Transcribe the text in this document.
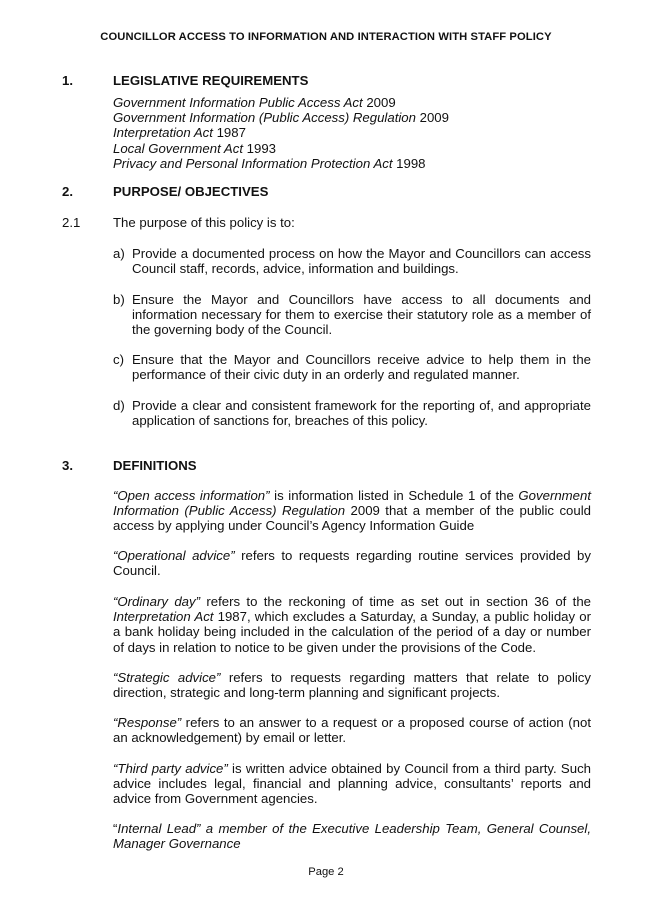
COUNCILLOR ACCESS TO INFORMATION AND INTERACTION WITH STAFF POLICY
1.	LEGISLATIVE REQUIREMENTS
Government Information Public Access Act 2009
Government Information (Public Access) Regulation 2009
Interpretation Act 1987
Local Government Act 1993
Privacy and Personal Information Protection Act 1998
2.	PURPOSE/ OBJECTIVES
2.1 The purpose of this policy is to:
a) Provide a documented process on how the Mayor and Councillors can access Council staff, records, advice, information and buildings.
b) Ensure the Mayor and Councillors have access to all documents and information necessary for them to exercise their statutory role as a member of the governing body of the Council.
c) Ensure that the Mayor and Councillors receive advice to help them in the performance of their civic duty in an orderly and regulated manner.
d) Provide a clear and consistent framework for the reporting of, and appropriate application of sanctions for, breaches of this policy.
3.	DEFINITIONS
“Open access information” is information listed in Schedule 1 of the Government Information (Public Access) Regulation 2009 that a member of the public could access by applying under Council’s Agency Information Guide
“Operational advice” refers to requests regarding routine services provided by Council.
“Ordinary day” refers to the reckoning of time as set out in section 36 of the Interpretation Act 1987, which excludes a Saturday, a Sunday, a public holiday or a bank holiday being included in the calculation of the period of a day or number of days in relation to notice to be given under the provisions of the Code.
“Strategic advice” refers to requests regarding matters that relate to policy direction, strategic and long-term planning and significant projects.
“Response” refers to an answer to a request or a proposed course of action (not an acknowledgement) by email or letter.
“Third party advice” is written advice obtained by Council from a third party. Such advice includes legal, financial and planning advice, consultants’ reports and advice from Government agencies.
“Internal Lead” a member of the Executive Leadership Team, General Counsel, Manager Governance
Page 2
